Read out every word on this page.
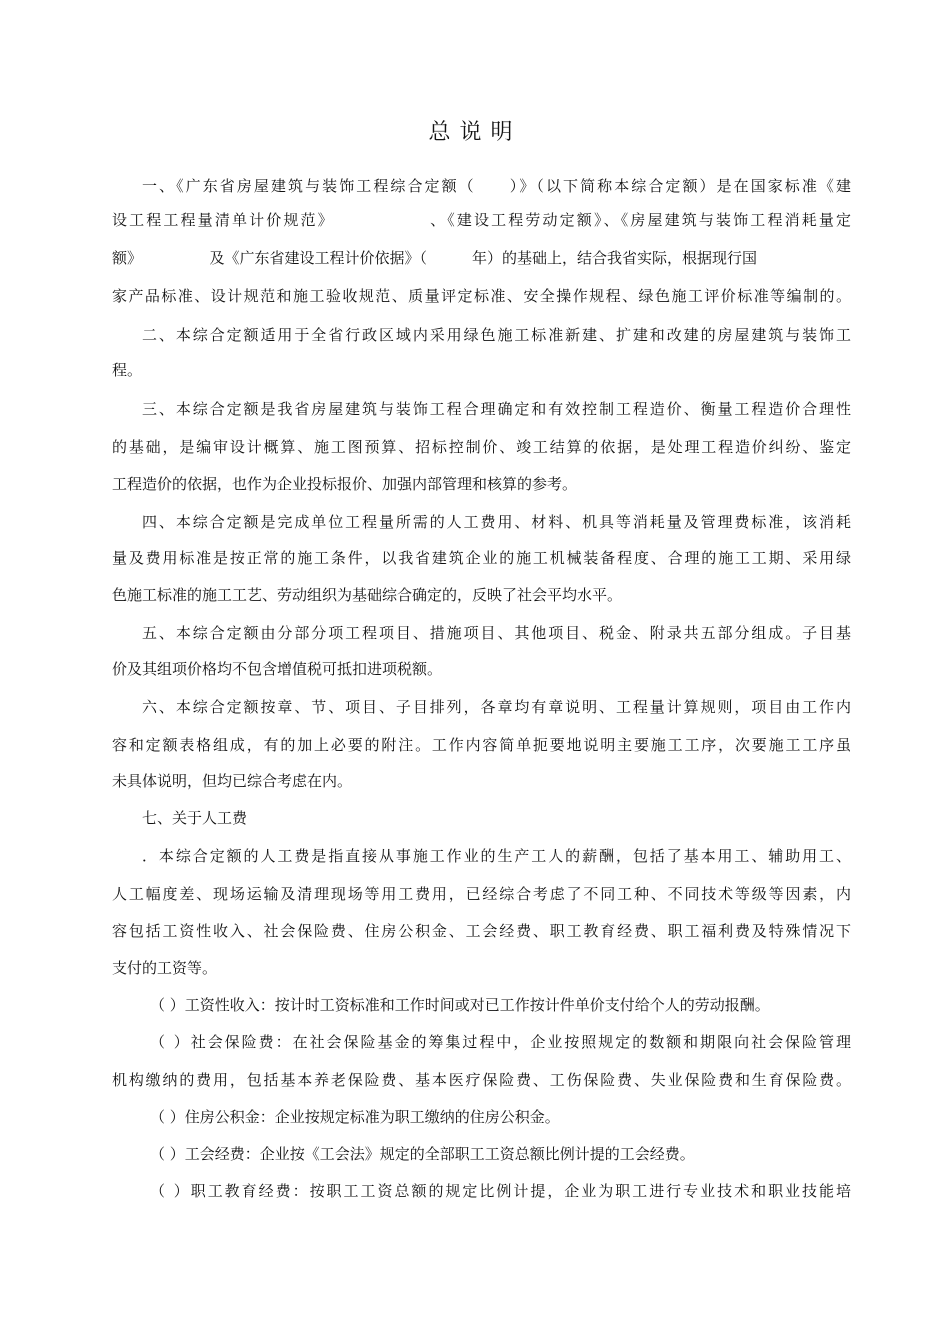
总说明
一、《广东省房屋建筑与装饰工程综合定额（　　）》（以下简称本综合定额）是在国家标准《建
设工程工程量清单计价规范》　　　　　　、《建设工程劳动定额》、《房屋建筑与装饰工程消耗量定
额》　　　　　及《广东省建设工程计价依据》（　　　年）的基础上，结合我省实际，根据现行国
家产品标准、设计规范和施工验收规范、质量评定标准、安全操作规程、绿色施工评价标准等编制的。
二、本综合定额适用于全省行政区域内采用绿色施工标准新建、扩建和改建的房屋建筑与装饰工
程。
三、本综合定额是我省房屋建筑与装饰工程合理确定和有效控制工程造价、衡量工程造价合理性
的基础，是编审设计概算、施工图预算、招标控制价、竣工结算的依据，是处理工程造价纠纷、鉴定
工程造价的依据，也作为企业投标报价、加强内部管理和核算的参考。
四、本综合定额是完成单位工程量所需的人工费用、材料、机具等消耗量及管理费标准，该消耗
量及费用标准是按正常的施工条件，以我省建筑企业的施工机械装备程度、合理的施工工期、采用绿
色施工标准的施工工艺、劳动组织为基础综合确定的，反映了社会平均水平。
五、本综合定额由分部分项工程项目、措施项目、其他项目、税金、附录共五部分组成。子目基
价及其组项价格均不包含增值税可抵扣进项税额。
六、本综合定额按章、节、项目、子目排列，各章均有章说明、工程量计算规则，项目由工作内
容和定额表格组成，有的加上必要的附注。工作内容简单扼要地说明主要施工工序，次要施工工序虽
未具体说明，但均已综合考虑在内。
七、关于人工费
．本综合定额的人工费是指直接从事施工作业的生产工人的薪酬，包括了基本用工、辅助用工、
人工幅度差、现场运输及清理现场等用工费用，已经综合考虑了不同工种、不同技术等级等因素，内
容包括工资性收入、社会保险费、住房公积金、工会经费、职工教育经费、职工福利费及特殊情况下
支付的工资等。
（ ）工资性收入：按计时工资标准和工作时间或对已工作按计件单价支付给个人的劳动报酬。
（ ）社会保险费：在社会保险基金的筹集过程中，企业按照规定的数额和期限向社会保险管理
机构缴纳的费用，包括基本养老保险费、基本医疗保险费、工伤保险费、失业保险费和生育保险费。
（ ）住房公积金：企业按规定标准为职工缴纳的住房公积金。
（ ）工会经费：企业按《工会法》规定的全部职工工资总额比例计提的工会经费。
（ ）职工教育经费：按职工工资总额的规定比例计提，企业为职工进行专业技术和职业技能培
